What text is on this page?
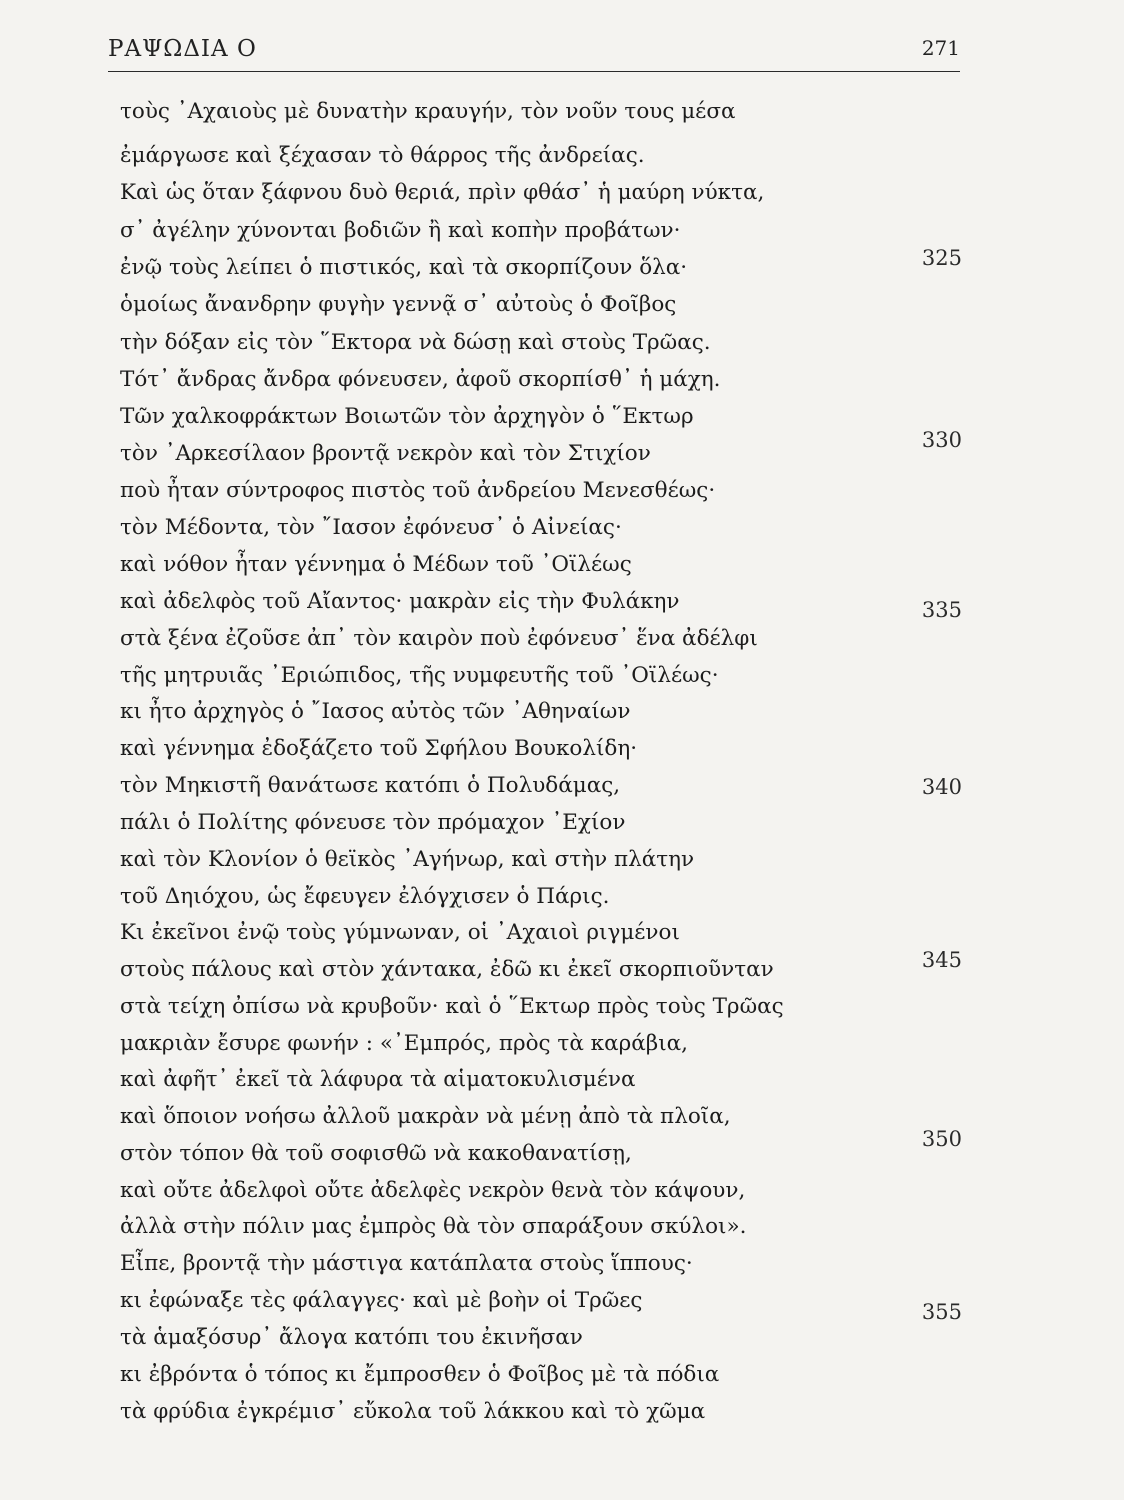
ΡΑΨΩΔΙΑ Ο	271
τοὺς ᾿Αχαιοὺς μὲ δυνατὴν κραυγήν, τὸν νοῦν τους μέσα
ἐμάργωσε καὶ ξέχασαν τὸ θάρρος τῆς ἀνδρείας.
Καὶ ὡς ὅταν ξάφνου δυὸ θεριά, πρὶν φθάσ᾿ ἡ μαύρη νύκτα,
σ᾿ ἀγέλην χύνονται βοδιῶν ἢ καὶ κοπὴν προβάτων·
ἐνῷ τοὺς λείπει ὁ πιστικός, καὶ τὰ σκορπίζουν ὅλα·
ὁμοίως ἄνανδρην φυγὴν γεννᾷ σ᾿ αὐτοὺς ὁ Φοῖβος
τὴν δόξαν εἰς τὸν ῞Εκτορα νὰ δώσῃ καὶ στοὺς Τρῶας.
Τότ᾿ ἄνδρας ἄνδρα φόνευσεν, ἀφοῦ σκορπίσθ᾿ ἡ μάχη.
Τῶν χαλκοφράκτων Βοιωτῶν τὸν ἀρχηγὸν ὁ ῞Εκτωρ
τὸν ᾿Αρκεσίλαον βροντᾷ νεκρὸν καὶ τὸν Στιχίον
ποὺ ἦταν σύντροφος πιστὸς τοῦ ἀνδρείου Μενεσθέως·
τὸν Μέδοντα, τὸν ῎Ιασον ἐφόνευσ᾿ ὁ Αἰνείας·
καὶ νόθον ἦταν γέννημα ὁ Μέδων τοῦ ᾿Οϊλέως
καὶ ἀδελφὸς τοῦ Αἴαντος· μακρὰν εἰς τὴν Φυλάκην
στὰ ξένα ἐζοῦσε ἀπ᾿ τὸν καιρὸν ποὺ ἐφόνευσ᾿ ἕνα ἀδέλφι
τῆς μητρυιᾶς ᾿Εριώπιδος, τῆς νυμφευτῆς τοῦ ᾿Οϊλέως·
κι ἦτο ἀρχηγὸς ὁ ῎Ιασος αὐτὸς τῶν ᾿Αθηναίων
καὶ γέννημα ἐδοξάζετο τοῦ Σφήλου Βουκολίδη·
τὸν Μηκιστῆ θανάτωσε κατόπι ὁ Πολυδάμας,
πάλι ὁ Πολίτης φόνευσε τὸν πρόμαχον ᾿Εχίον
καὶ τὸν Κλονίον ὁ θεϊκὸς ᾿Αγήνωρ, καὶ στὴν πλάτην
τοῦ Δηιόχου, ὡς ἔφευγεν ἐλόγχισεν ὁ Πάρις.
Κι ἐκεῖνοι ἐνῷ τοὺς γύμνωναν, οἱ ᾿Αχαιοὶ ριγμένοι
στοὺς πάλους καὶ στὸν χάντακα, ἐδῶ κι ἐκεῖ σκορπιοῦνταν
στὰ τείχη ὀπίσω νὰ κρυβοῦν· καὶ ὁ ῞Εκτωρ πρὸς τοὺς Τρῶας
μακριὰν ἔσυρε φωνήν : «᾿Εμπρός, πρὸς τὰ καράβια,
καὶ ἀφῆτ᾿ ἐκεῖ τὰ λάφυρα τὰ αἱματοκυλισμένα
καὶ ὅποιον νοήσω ἀλλοῦ μακρὰν νὰ μένῃ ἀπὸ τὰ πλοῖα,
στὸν τόπον θὰ τοῦ σοφισθῶ νὰ κακοθανατίσῃ,
καὶ οὔτε ἀδελφοὶ οὔτε ἀδελφὲς νεκρὸν θενὰ τὸν κάψουν,
ἀλλὰ στὴν πόλιν μας ἐμπρὸς θὰ τὸν σπαράξουν σκύλοι».
Εἶπε, βροντᾷ τὴν μάστιγα κατάπλατα στοὺς ἵππους·
κι ἐφώναξε τὲς φάλαγγες· καὶ μὲ βοὴν οἱ Τρῶες
τὰ ἁμαξόσυρ᾿ ἄλογα κατόπι του ἐκινῆσαν
κι ἐβρόντα ὁ τόπος κι ἔμπροσθεν ὁ Φοῖβος μὲ τὰ πόδια
τὰ φρύδια ἐγκρέμισ᾿ εὔκολα τοῦ λάκκου καὶ τὸ χῶμα
325
330
335
340
345
350
355
